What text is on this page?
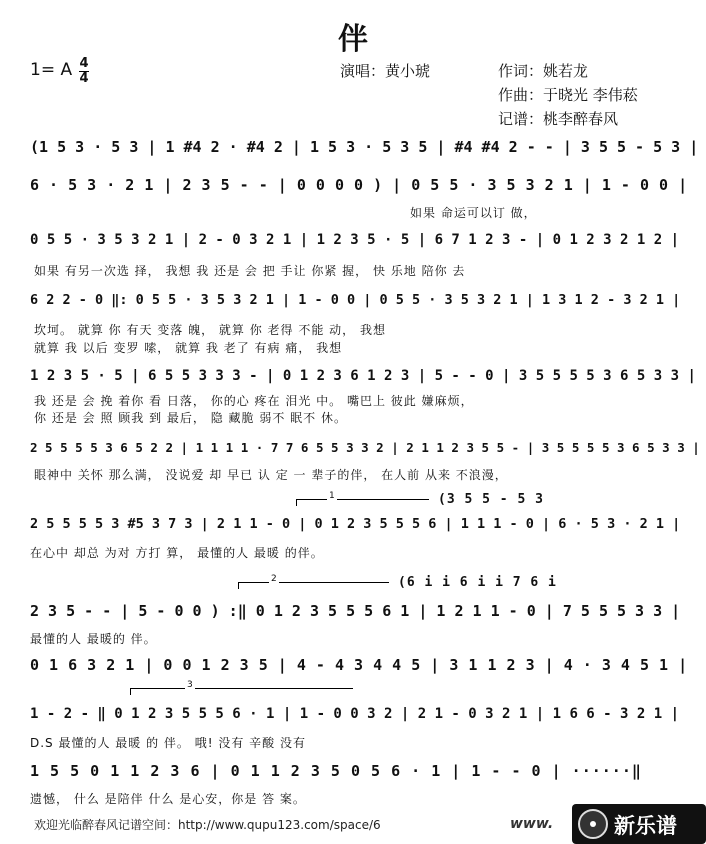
伴
1= A 4
4	演唱：黄小琥	作词：姚若龙
作曲：于晓光 李伟菘
记谱：桃李醉春风
(1 5 3 · 5 3 | 1 #4 2 · #4 2 | 1 5 3 · 5 3 5 | #4 #4 2 - - | 3 5 5 - 5 3 |
6 · 5 3 · 2 1 | 2 3 5 - - | 0 0 0 0 ) | 0 5 5 · 3 5 3 2 1 | 1 - 0 0 |
如果 命运可以订 做，
0 5 5 · 3 5 3 2 1 | 2 - 0 3 2 1 | 1 2 3 5 · 5 | 6 7 1 2 3 - | 0 1 2 3 2 1 2 |
如果 有另一次选 择， 我想 我 还是 会 把 手让 你紧 握， 快 乐地 陪你 去
6 2 2 - 0 ‖: 0 5 5 · 3 5 3 2 1 | 1 - 0 0 | 0 5 5 · 3 5 3 2 1 | 1 3 1 2 - 3 2 1 |
坎坷。 就算 你 有天 变落 魄， 就算 你 老得 不能 动， 我想
就算 我 以后 变罗 嗦， 就算 我 老了 有病 痛， 我想
1 2 3 5 · 5 | 6 5 5 3 3 3 - | 0 1 2 3 6 1 2 3 | 5 - - 0 | 3 5 5 5 5 3 6 5 3 3 |
我 还是 会 挽 着你 看 日落， 你的心 疼在 泪光 中。 嘴巴上 彼此 嫌麻烦，
你 还是 会 照 顾我 到 最后， 隐 藏脆 弱不 眠不 休。
2 5 5 5 5 3 6 5 2 2 | 1 1 1 1 · 7 7 6 5 5 3 3 2 | 2 1 1 2 3 5 5 - | 3 5 5 5 5 3 6 5 3 3 |
眼神中 关怀 那么满， 没说爱 却 早已 认 定 一 辈子的伴， 在人前 从来 不浪漫，
1	(3 5 5 - 5 3
2 5 5 5 5 3 #5 3 7 3 | 2 1 1 - 0 | 0 1 2 3 5 5 5 6 | 1 1 1 - 0 | 6 · 5 3 · 2 1 |
在心中 却总 为对 方打 算， 最懂的人 最暖 的伴。
2	(6 i i 6 i i 7 6 i
2 3 5 - - | 5 - 0 0 ) :‖ 0 1 2 3 5 5 5 6 1 | 1 2 1 1 - 0 | 7 5 5 5 3 3 |
最懂的人 最暖的 伴。
0 1 6 3 2 1 | 0 0 1 2 3 5 | 4 - 4 3 4 4 5 | 3 1 1 2 3 | 4 · 3 4 5 1 |
3
1 - 2 - ‖ 0 1 2 3 5 5 5 6 · 1 | 1 - 0 0 3 2 | 2 1 - 0 3 2 1 | 1 6 6 - 3 2 1 |
D.S 最懂的人 最暖 的 伴。 哦! 没有 辛酸 没有
1 5 5 0 1 1 2 3 6 | 0 1 1 2 3 5 0 5 6 · 1 | 1 - - 0 | ······‖
遗憾， 什么 是陪伴 什么 是心安，你是 答 案。
欢迎光临醉春风记谱空间：http://www.qupu123.com/space/6	www.	新乐谱
